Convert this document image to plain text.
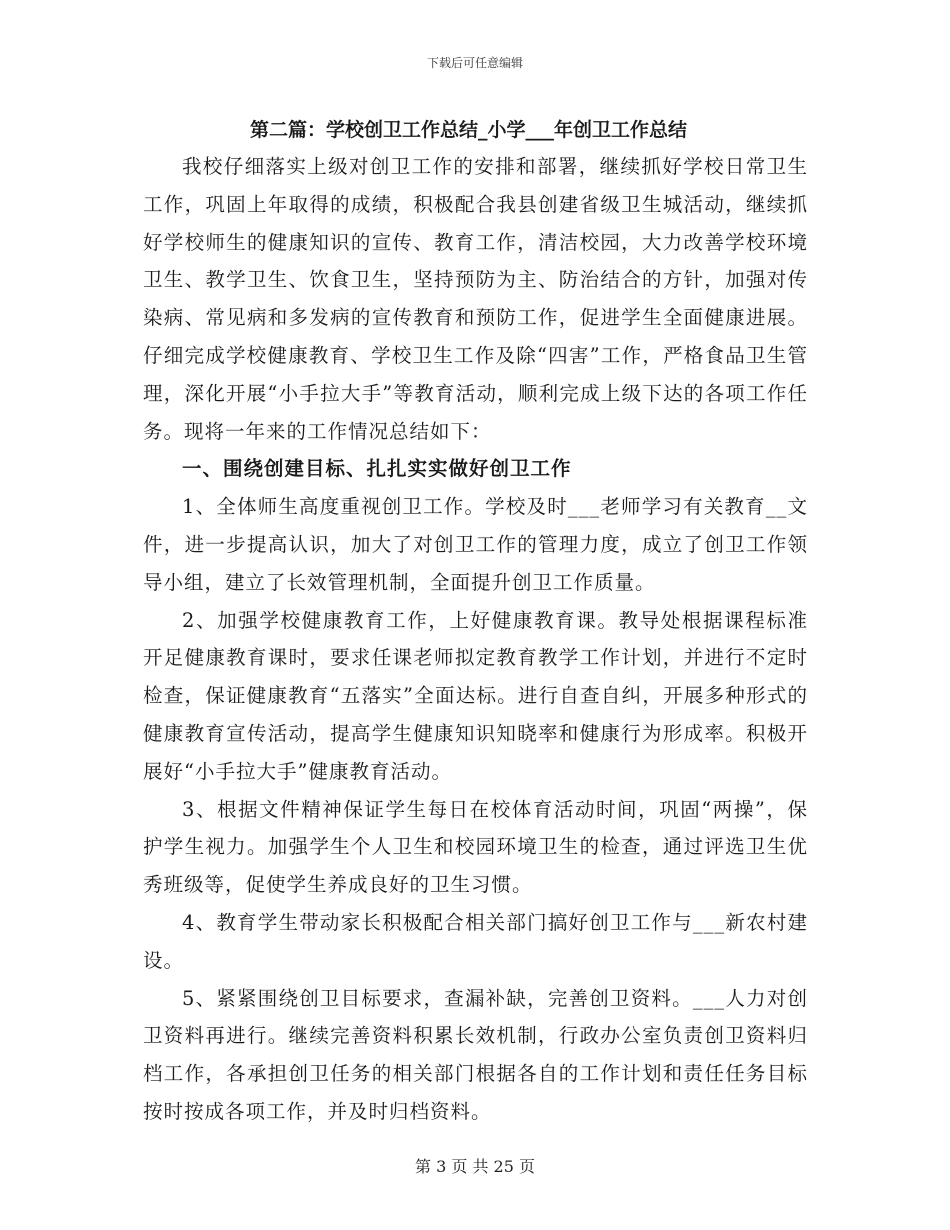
下载后可任意编辑
第二篇：学校创卫工作总结_小学___年创卫工作总结

我校仔细落实上级对创卫工作的安排和部署，继续抓好学校日常卫生工作，巩固上年取得的成绩，积极配合我县创建省级卫生城活动，继续抓好学校师生的健康知识的宣传、教育工作，清洁校园，大力改善学校环境卫生、教学卫生、饮食卫生，坚持预防为主、防治结合的方针，加强对传染病、常见病和多发病的宣传教育和预防工作，促进学生全面健康进展。仔细完成学校健康教育、学校卫生工作及除“四害”工作，严格食品卫生管理，深化开展“小手拉大手”等教育活动，顺利完成上级下达的各项工作任务。现将一年来的工作情况总结如下：

一、围绕创建目标、扎扎实实做好创卫工作

1、全体师生高度重视创卫工作。学校及时___老师学习有关教育__文件，进一步提高认识，加大了对创卫工作的管理力度，成立了创卫工作领导小组，建立了长效管理机制，全面提升创卫工作质量。

2、加强学校健康教育工作，上好健康教育课。教导处根据课程标准开足健康教育课时，要求任课老师拟定教育教学工作计划，并进行不定时检查，保证健康教育“五落实”全面达标。进行自查自纠，开展多种形式的健康教育宣传活动，提高学生健康知识知晓率和健康行为形成率。积极开展好“小手拉大手”健康教育活动。

3、根据文件精神保证学生每日在校体育活动时间，巩固“两操”，保护学生视力。加强学生个人卫生和校园环境卫生的检查，通过评选卫生优秀班级等，促使学生养成良好的卫生习惯。

4、教育学生带动家长积极配合相关部门搞好创卫工作与___新农村建设。

5、紧紧围绕创卫目标要求，查漏补缺，完善创卫资料。___人力对创卫资料再进行。继续完善资料积累长效机制，行政办公室负责创卫资料归档工作，各承担创卫任务的相关部门根据各自的工作计划和责任任务目标按时按成各项工作，并及时归档资料。

第 3 页 共 25 页
